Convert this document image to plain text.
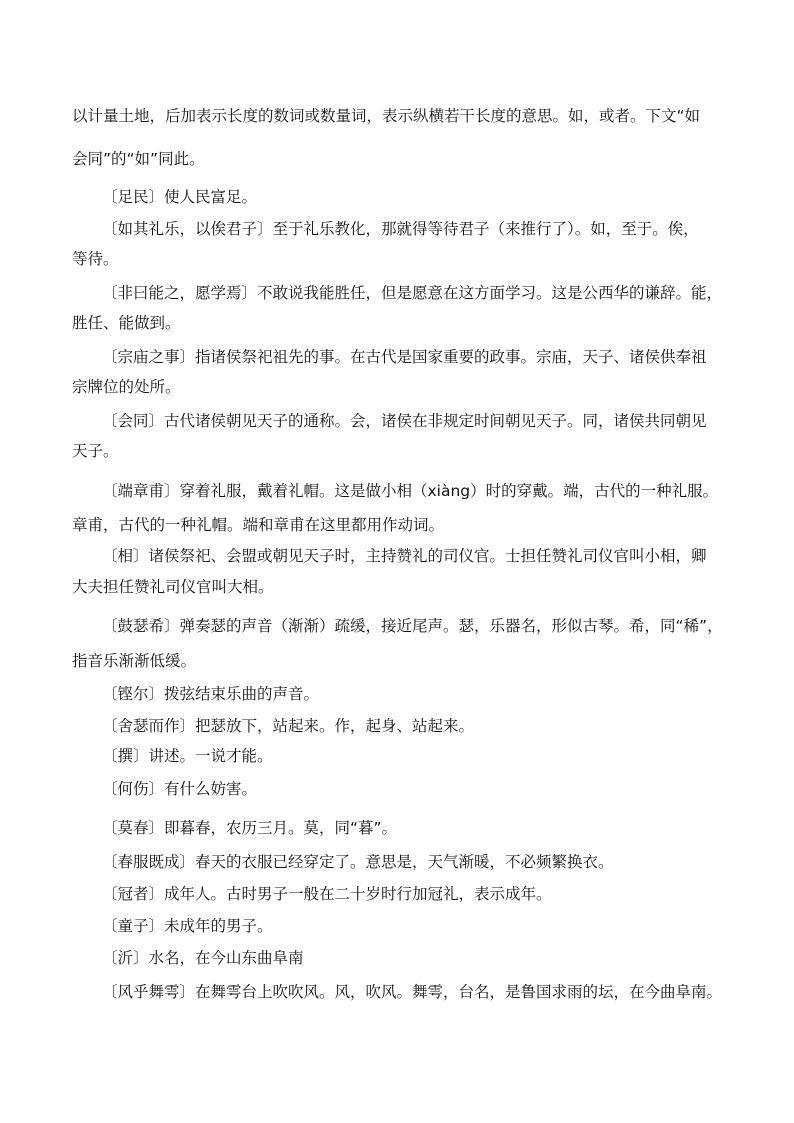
以计量土地，后加表示长度的数词或数量词，表示纵横若干长度的意思。如，或者。下文“如
会同”的“如”同此。
〔足民〕使人民富足。
〔如其礼乐，以俟君子〕至于礼乐教化，那就得等待君子（来推行了）。如，至于。俟，
等待。
〔非曰能之，愿学焉〕不敢说我能胜任，但是愿意在这方面学习。这是公西华的谦辞。能，
胜任、能做到。
〔宗庙之事〕指诸侯祭祀祖先的事。在古代是国家重要的政事。宗庙，天子、诸侯供奉祖
宗牌位的处所。
〔会同〕古代诸侯朝见天子的通称。会，诸侯在非规定时间朝见天子。同，诸侯共同朝见
天子。
〔端章甫〕穿着礼服，戴着礼帽。这是做小相（xiàng）时的穿戴。端，古代的一种礼服。
章甫，古代的一种礼帽。端和章甫在这里都用作动词。
〔相〕诸侯祭祀、会盟或朝见天子时，主持赞礼的司仪官。士担任赞礼司仪官叫小相，卿
大夫担任赞礼司仪官叫大相。
〔鼓瑟希〕弹奏瑟的声音（渐渐）疏缓，接近尾声。瑟，乐器名，形似古琴。希，同“稀”，
指音乐渐渐低缓。
〔铿尔〕拨弦结束乐曲的声音。
〔舍瑟而作〕把瑟放下，站起来。作，起身、站起来。
〔撰〕讲述。一说才能。
〔何伤〕有什么妨害。
〔莫春〕即暮春，农历三月。莫，同“暮”。
〔春服既成〕春天的衣服已经穿定了。意思是，天气渐暖，不必频繁换衣。
〔冠者〕成年人。古时男子一般在二十岁时行加冠礼，表示成年。
〔童子〕未成年的男子。
〔沂〕水名，在今山东曲阜南
〔风乎舞雩〕在舞雩台上吹吹风。风，吹风。舞雩，台名，是鲁国求雨的坛，在今曲阜南。
